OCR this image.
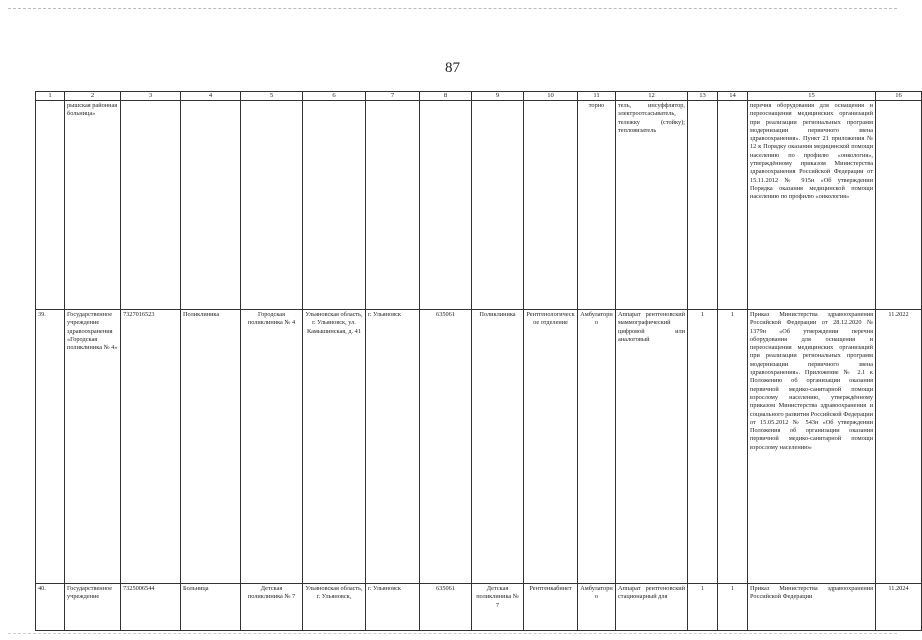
87
1	2	3	4	5	6	7	8	9	10	11	12	13	14	15	16
	рышская районная больница»									торно	тель, инсуффлятор, электроотсасыватель, тележку (стойку); тепловизатель			перечня оборудования для оснащения и переоснащения медицинских организаций при реализации региональных программ модернизации первичного звена здравоохранения». Пункт 21 приложения № 12 к Порядку оказания медицинской помощи населению по профилю «онкология», утверждённому приказом Министерства здравоохранения Российской Федерации от 15.11.2012 № 915н «Об утверждении Порядка оказания медицинской помощи населению по профилю «онкология»	
39.	Государственное учреждение здравоохранения «Городская поликлиника № 4»	7327016523	Поликлиника	Городская поликлиника № 4	Ульяновская область, г. Ульяновск, ул. Камышинская, д. 41	г. Ульяновск	635061	Поликлиника	Рентгенологическое отделение	Амбулаторно	Аппарат рентгеновский маммографический цифровой или аналоговый	1	1	Приказ Министерства здравоохранения Российской Федерации от 28.12.2020 № 1379н «Об утверждении перечня оборудования для оснащения и переоснащения медицинских организаций при реализации региональных программ модернизации первичного звена здравоохранения». Приложение № 2.1 к Положению об организации оказания первичной медико-санитарной помощи взрослому населению, утверждённому приказом Министерства здравоохранения и социального развития Российской Федерации от 15.05.2012 № 543н «Об утверждении Положения об организации оказания первичной медико-санитарной помощи взрослому населению»	11.2022
40.	Государственное учреждение	7325006544	Больница	Детская поликлиника № 7	Ульяновская область, г. Ульяновск,	г. Ульяновск	635061	Детская поликлиника № 7	Рентгенкабинет	Амбулаторно	Аппарат рентгеновский стационарный для	1	1	Приказ Министерства здравоохранения Российской Федерации	11.2024
